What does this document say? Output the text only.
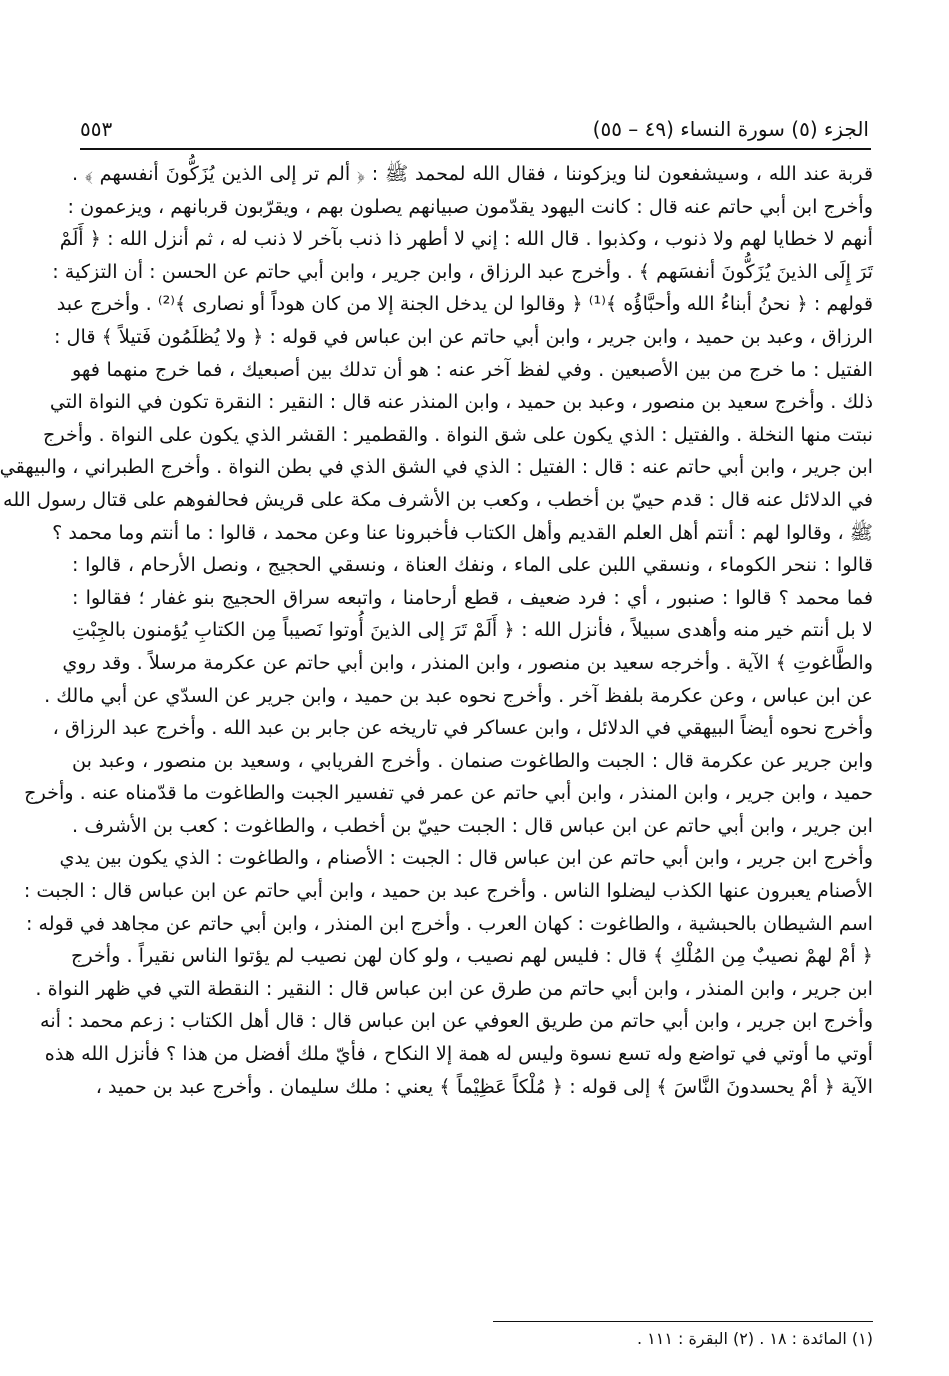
الجزء (٥) سورة النساء (٤٩ – ٥٥)
٥٥٣
قربة عند الله ، وسيشفعون لنا ويزكوننا ، فقال الله لمحمد ﷺ : ﴿ ألم تر إلى الذين يُزَكُّونَ أنفسهم ﴾ .
وأخرج ابن أبي حاتم عنه قال : كانت اليهود يقدّمون صبيانهم يصلون بهم ، ويقرّبون قربانهم ، ويزعمون :
أنهم لا خطايا لهم ولا ذنوب ، وكذبوا . قال الله : إني لا أطهر ذا ذنب بآخر لا ذنب له ، ثم أنزل الله : ﴿ أَلَمْ
تَرَ إِلَى الذينَ يُزَكُّونَ أنفسَهم ﴾ . وأخرج عبد الرزاق ، وابن جرير ، وابن أبي حاتم عن الحسن : أن التزكية :
قولهم : ﴿ نحنُ أبناءُ الله وأحبَّاؤُه ﴾⁽¹⁾ ﴿ وقالوا لن يدخل الجنة إلا من كان هوداً أو نصارى ﴾⁽²⁾ . وأخرج عبد
الرزاق ، وعبد بن حميد ، وابن جرير ، وابن أبي حاتم عن ابن عباس في قوله : ﴿ ولا يُظلَمُون فَتيلاً ﴾ قال :
الفتيل : ما خرج من بين الأصبعين . وفي لفظ آخر عنه : هو أن تدلك بين أصبعيك ، فما خرج منهما فهو
ذلك . وأخرج سعيد بن منصور ، وعبد بن حميد ، وابن المنذر عنه قال : النقير : النقرة تكون في النواة التي
نبتت منها النخلة . والفتيل : الذي يكون على شق النواة . والقطمير : القشر الذي يكون على النواة . وأخرج
ابن جرير ، وابن أبي حاتم عنه : قال : الفتيل : الذي في الشق الذي في بطن النواة . وأخرج الطبراني ، والبيهقي
في الدلائل عنه قال : قدم حييّ بن أخطب ، وكعب بن الأشرف مكة على قريش فحالفوهم على قتال رسول الله
ﷺ ، وقالوا لهم : أنتم أهل العلم القديم وأهل الكتاب فأخبرونا عنا وعن محمد ، قالوا : ما أنتم وما محمد ؟
قالوا : ننحر الكوماء ، ونسقي اللبن على الماء ، ونفك العناة ، ونسقي الحجيج ، ونصل الأرحام ، قالوا :
فما محمد ؟ قالوا : صنبور ، أي : فرد ضعيف ، قطع أرحامنا ، واتبعه سراق الحجيج بنو غفار ؛ فقالوا :
لا بل أنتم خير منه وأهدى سبيلاً ، فأنزل الله : ﴿ أَلَمْ تَرَ إلى الذينَ أُوتوا نَصيباً مِن الكتابِ يُؤمنون بالجِبْتِ
والطَّاغوتِ ﴾ الآية . وأخرجه سعيد بن منصور ، وابن المنذر ، وابن أبي حاتم عن عكرمة مرسلاً . وقد روي
عن ابن عباس ، وعن عكرمة بلفظ آخر . وأخرج نحوه عبد بن حميد ، وابن جرير عن السدّي عن أبي مالك .
وأخرج نحوه أيضاً البيهقي في الدلائل ، وابن عساكر في تاريخه عن جابر بن عبد الله . وأخرج عبد الرزاق ،
وابن جرير عن عكرمة قال : الجبت والطاغوت صنمان . وأخرج الفريابي ، وسعيد بن منصور ، وعبد بن
حميد ، وابن جرير ، وابن المنذر ، وابن أبي حاتم عن عمر في تفسير الجبت والطاغوت ما قدّمناه عنه . وأخرج
ابن جرير ، وابن أبي حاتم عن ابن عباس قال : الجبت حييّ بن أخطب ، والطاغوت : كعب بن الأشرف .
وأخرج ابن جرير ، وابن أبي حاتم عن ابن عباس قال : الجبت : الأصنام ، والطاغوت : الذي يكون بين يدي
الأصنام يعبرون عنها الكذب ليضلوا الناس . وأخرج عبد بن حميد ، وابن أبي حاتم عن ابن عباس قال : الجبت :
اسم الشيطان بالحبشية ، والطاغوت : كهان العرب . وأخرج ابن المنذر ، وابن أبي حاتم عن مجاهد في قوله :
﴿ أمْ لهمْ نصيبٌ مِن المُلْكِ ﴾ قال : فليس لهم نصيب ، ولو كان لهن نصيب لم يؤتوا الناس نقيراً . وأخرج
ابن جرير ، وابن المنذر ، وابن أبي حاتم من طرق عن ابن عباس قال : النقير : النقطة التي في ظهر النواة .
وأخرج ابن جرير ، وابن أبي حاتم من طريق العوفي عن ابن عباس قال : قال أهل الكتاب : زعم محمد : أنه
أوتي ما أوتي في تواضع وله تسع نسوة وليس له همة إلا النكاح ، فأيّ ملك أفضل من هذا ؟ فأنزل الله هذه
الآية ﴿ أمْ يحسدونَ النَّاسَ ﴾ إلى قوله : ﴿ مُلْكاً عَظِيْماً ﴾ يعني : ملك سليمان . وأخرج عبد بن حميد ،
(١) المائدة : ١٨ . (٢) البقرة : ١١١ .
